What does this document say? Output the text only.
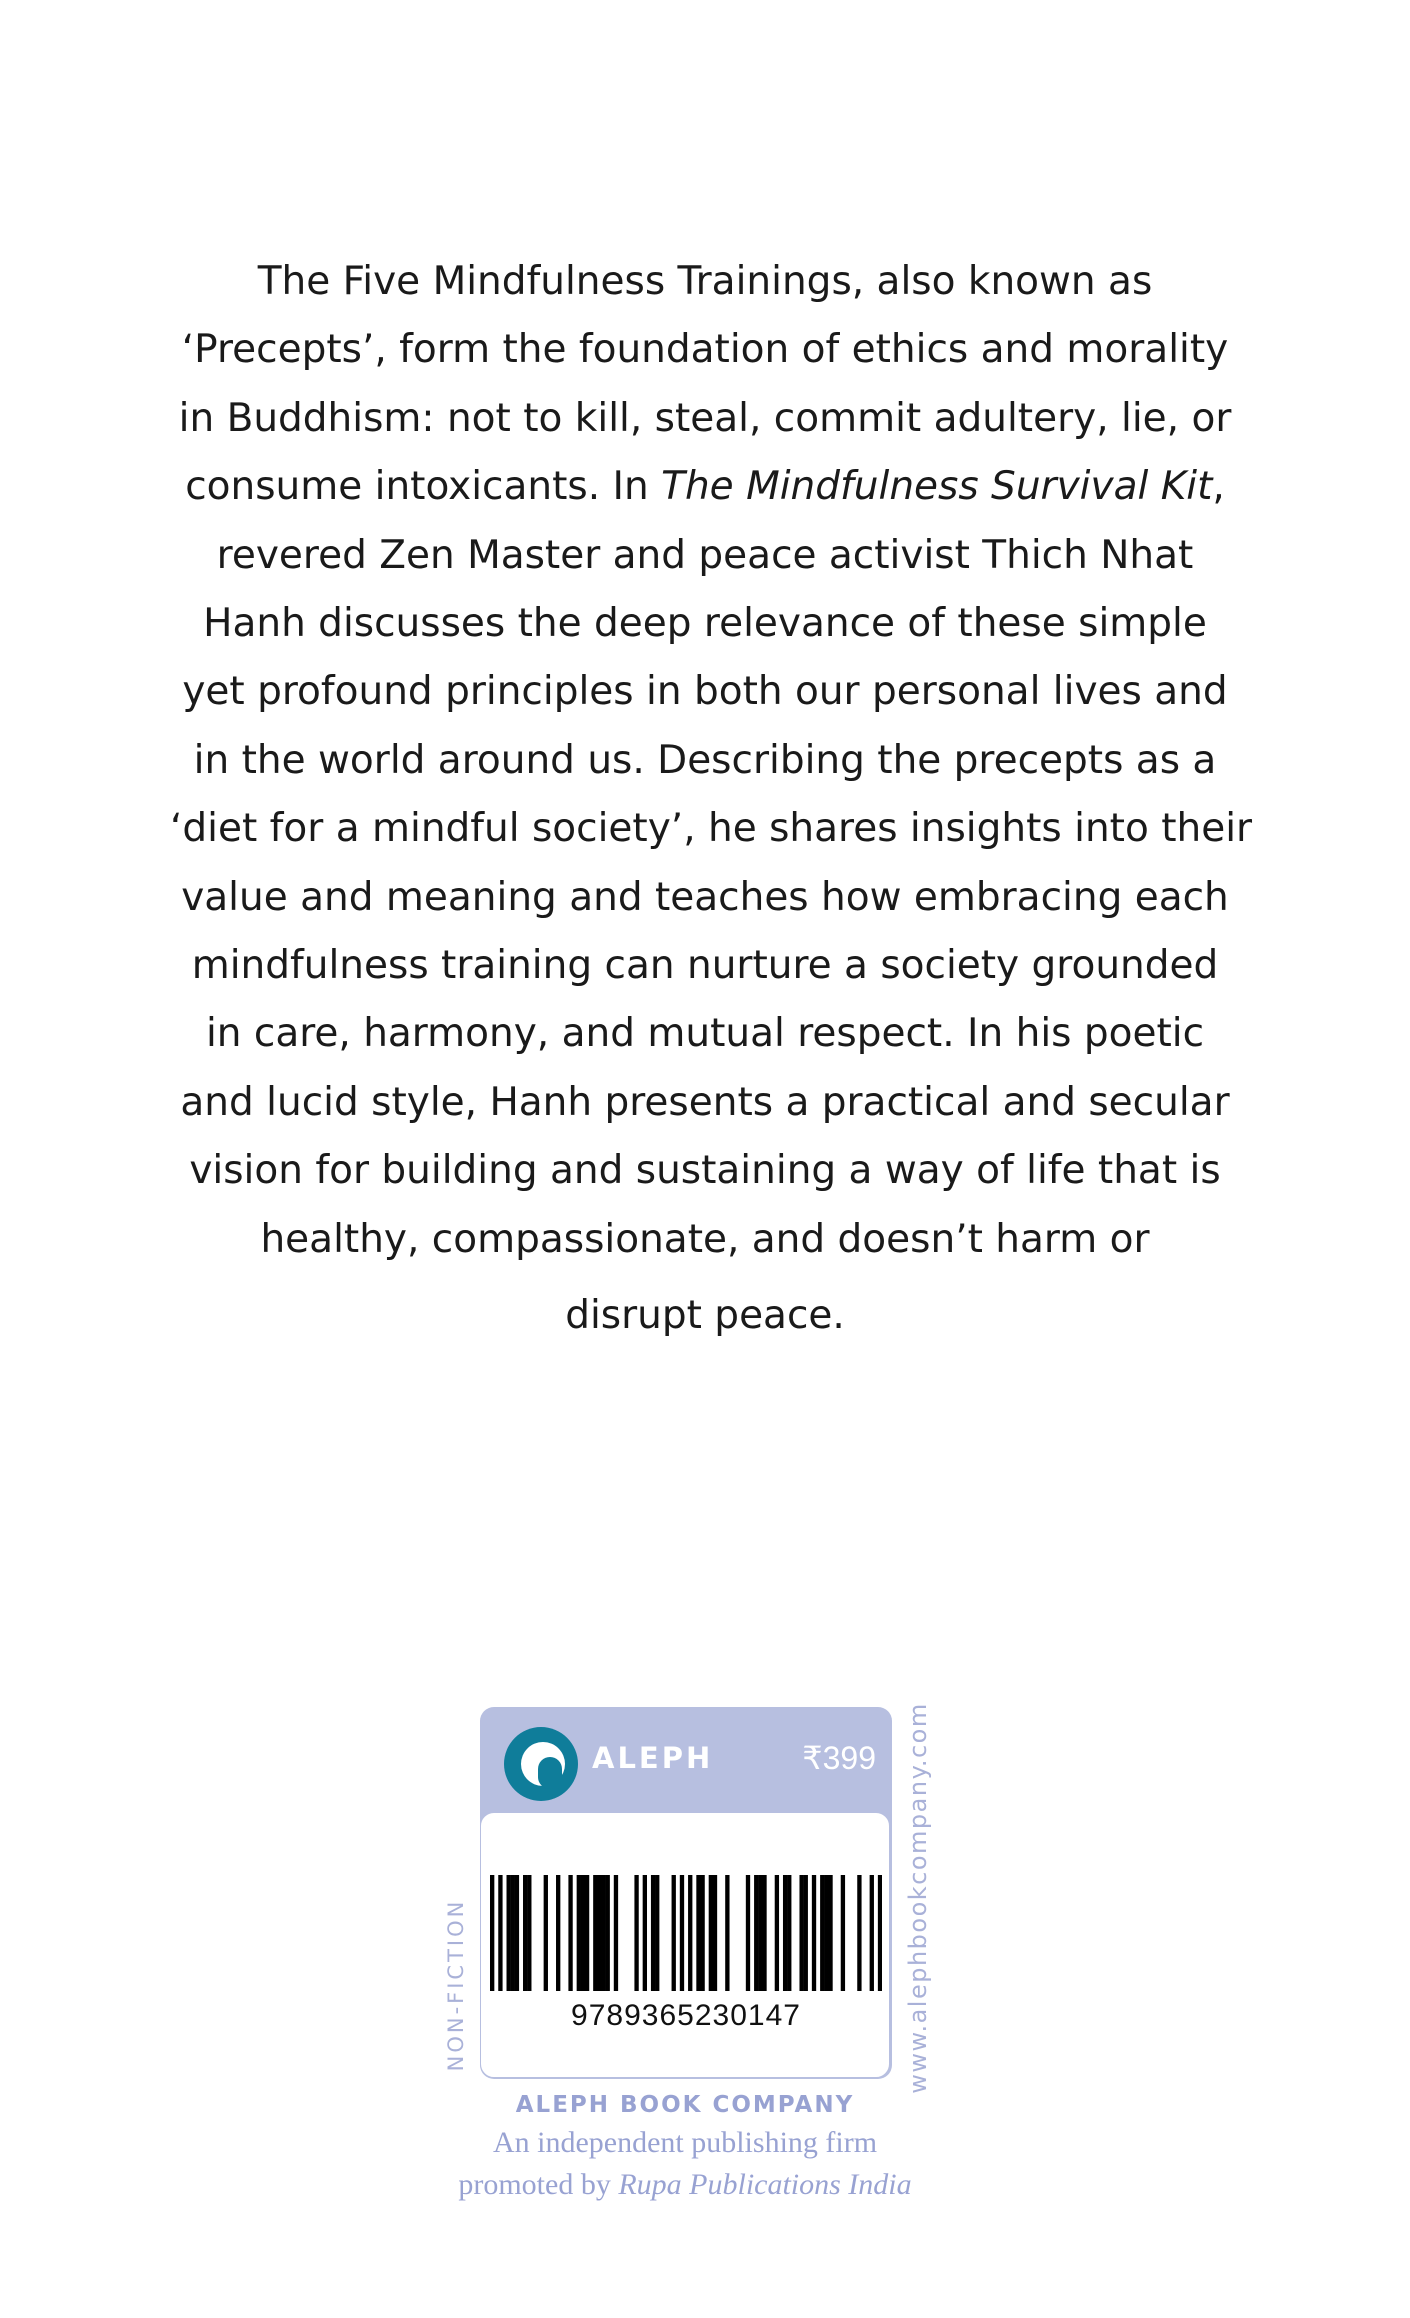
The Five Mindfulness Trainings, also known as
‘Precepts’, form the foundation of ethics and morality
in Buddhism: not to kill, steal, commit adultery, lie, or
consume intoxicants. In The Mindfulness Survival Kit,
revered Zen Master and peace activist Thich Nhat
Hanh discusses the deep relevance of these simple
yet profound principles in both our personal lives and
in the world around us. Describing the precepts as a
‘diet for a mindful society’, he shares insights into their
value and meaning and teaches how embracing each
mindfulness training can nurture a society grounded
in care, harmony, and mutual respect. In his poetic
and lucid style, Hanh presents a practical and secular
vision for building and sustaining a way of life that is
healthy, compassionate, and doesn’t harm or
disrupt peace.
NON-FICTION
ALEPH	₹399
9789365230147	www.alephbookcompany.com
ALEPH BOOK COMPANY
An independent publishing firm
promoted by Rupa Publications India
